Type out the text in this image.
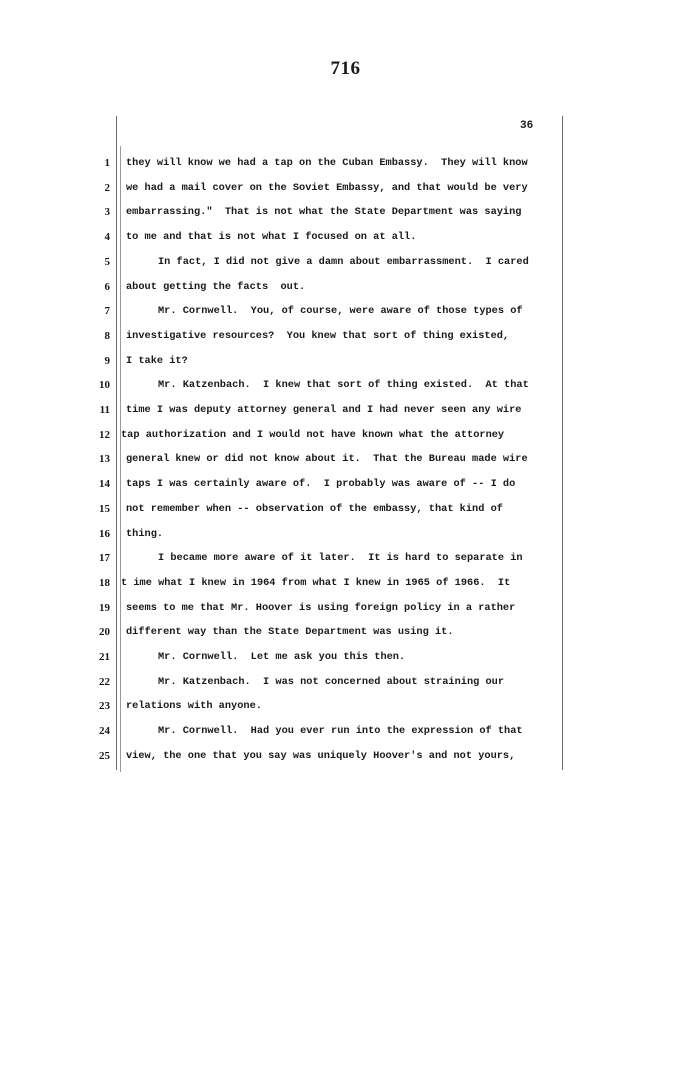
716
36
1 they will know we had a tap on the Cuban Embassy.  They will know
2 we had a mail cover on the Soviet Embassy, and that would be very
3 embarrassing."  That is not what the State Department was saying
4 to me and that is not what I focused on at all.
5	In fact, I did not give a damn about embarrassment.  I cared
6 about getting the facts  out.
7	Mr. Cornwell.  You, of course, were aware of those types of
8 investigative resources?  You knew that sort of thing existed,
9 I take it?
10	Mr. Katzenbach.  I knew that sort of thing existed.  At that
11 time I was deputy attorney general and I had never seen any wire
12 tap authorization and I would not have known what the attorney
13 general knew or did not know about it.  That the Bureau made wire
14 taps I was certainly aware of.  I probably was aware of -- I do
15 not remember when -- observation of the embassy, that kind of
16 thing.
17	I became more aware of it later.  It is hard to separate in
18 t ime what I knew in 1964 from what I knew in 1965 of 1966.  It
19 seems to me that Mr. Hoover is using foreign policy in a rather
20 different way than the State Department was using it.
21	Mr. Cornwell.  Let me ask you this then.
22	Mr. Katzenbach.  I was not concerned about straining our
23 relations with anyone.
24	Mr. Cornwell.  Had you ever run into the expression of that
25 view, the one that you say was uniquely Hoover's and not yours,
